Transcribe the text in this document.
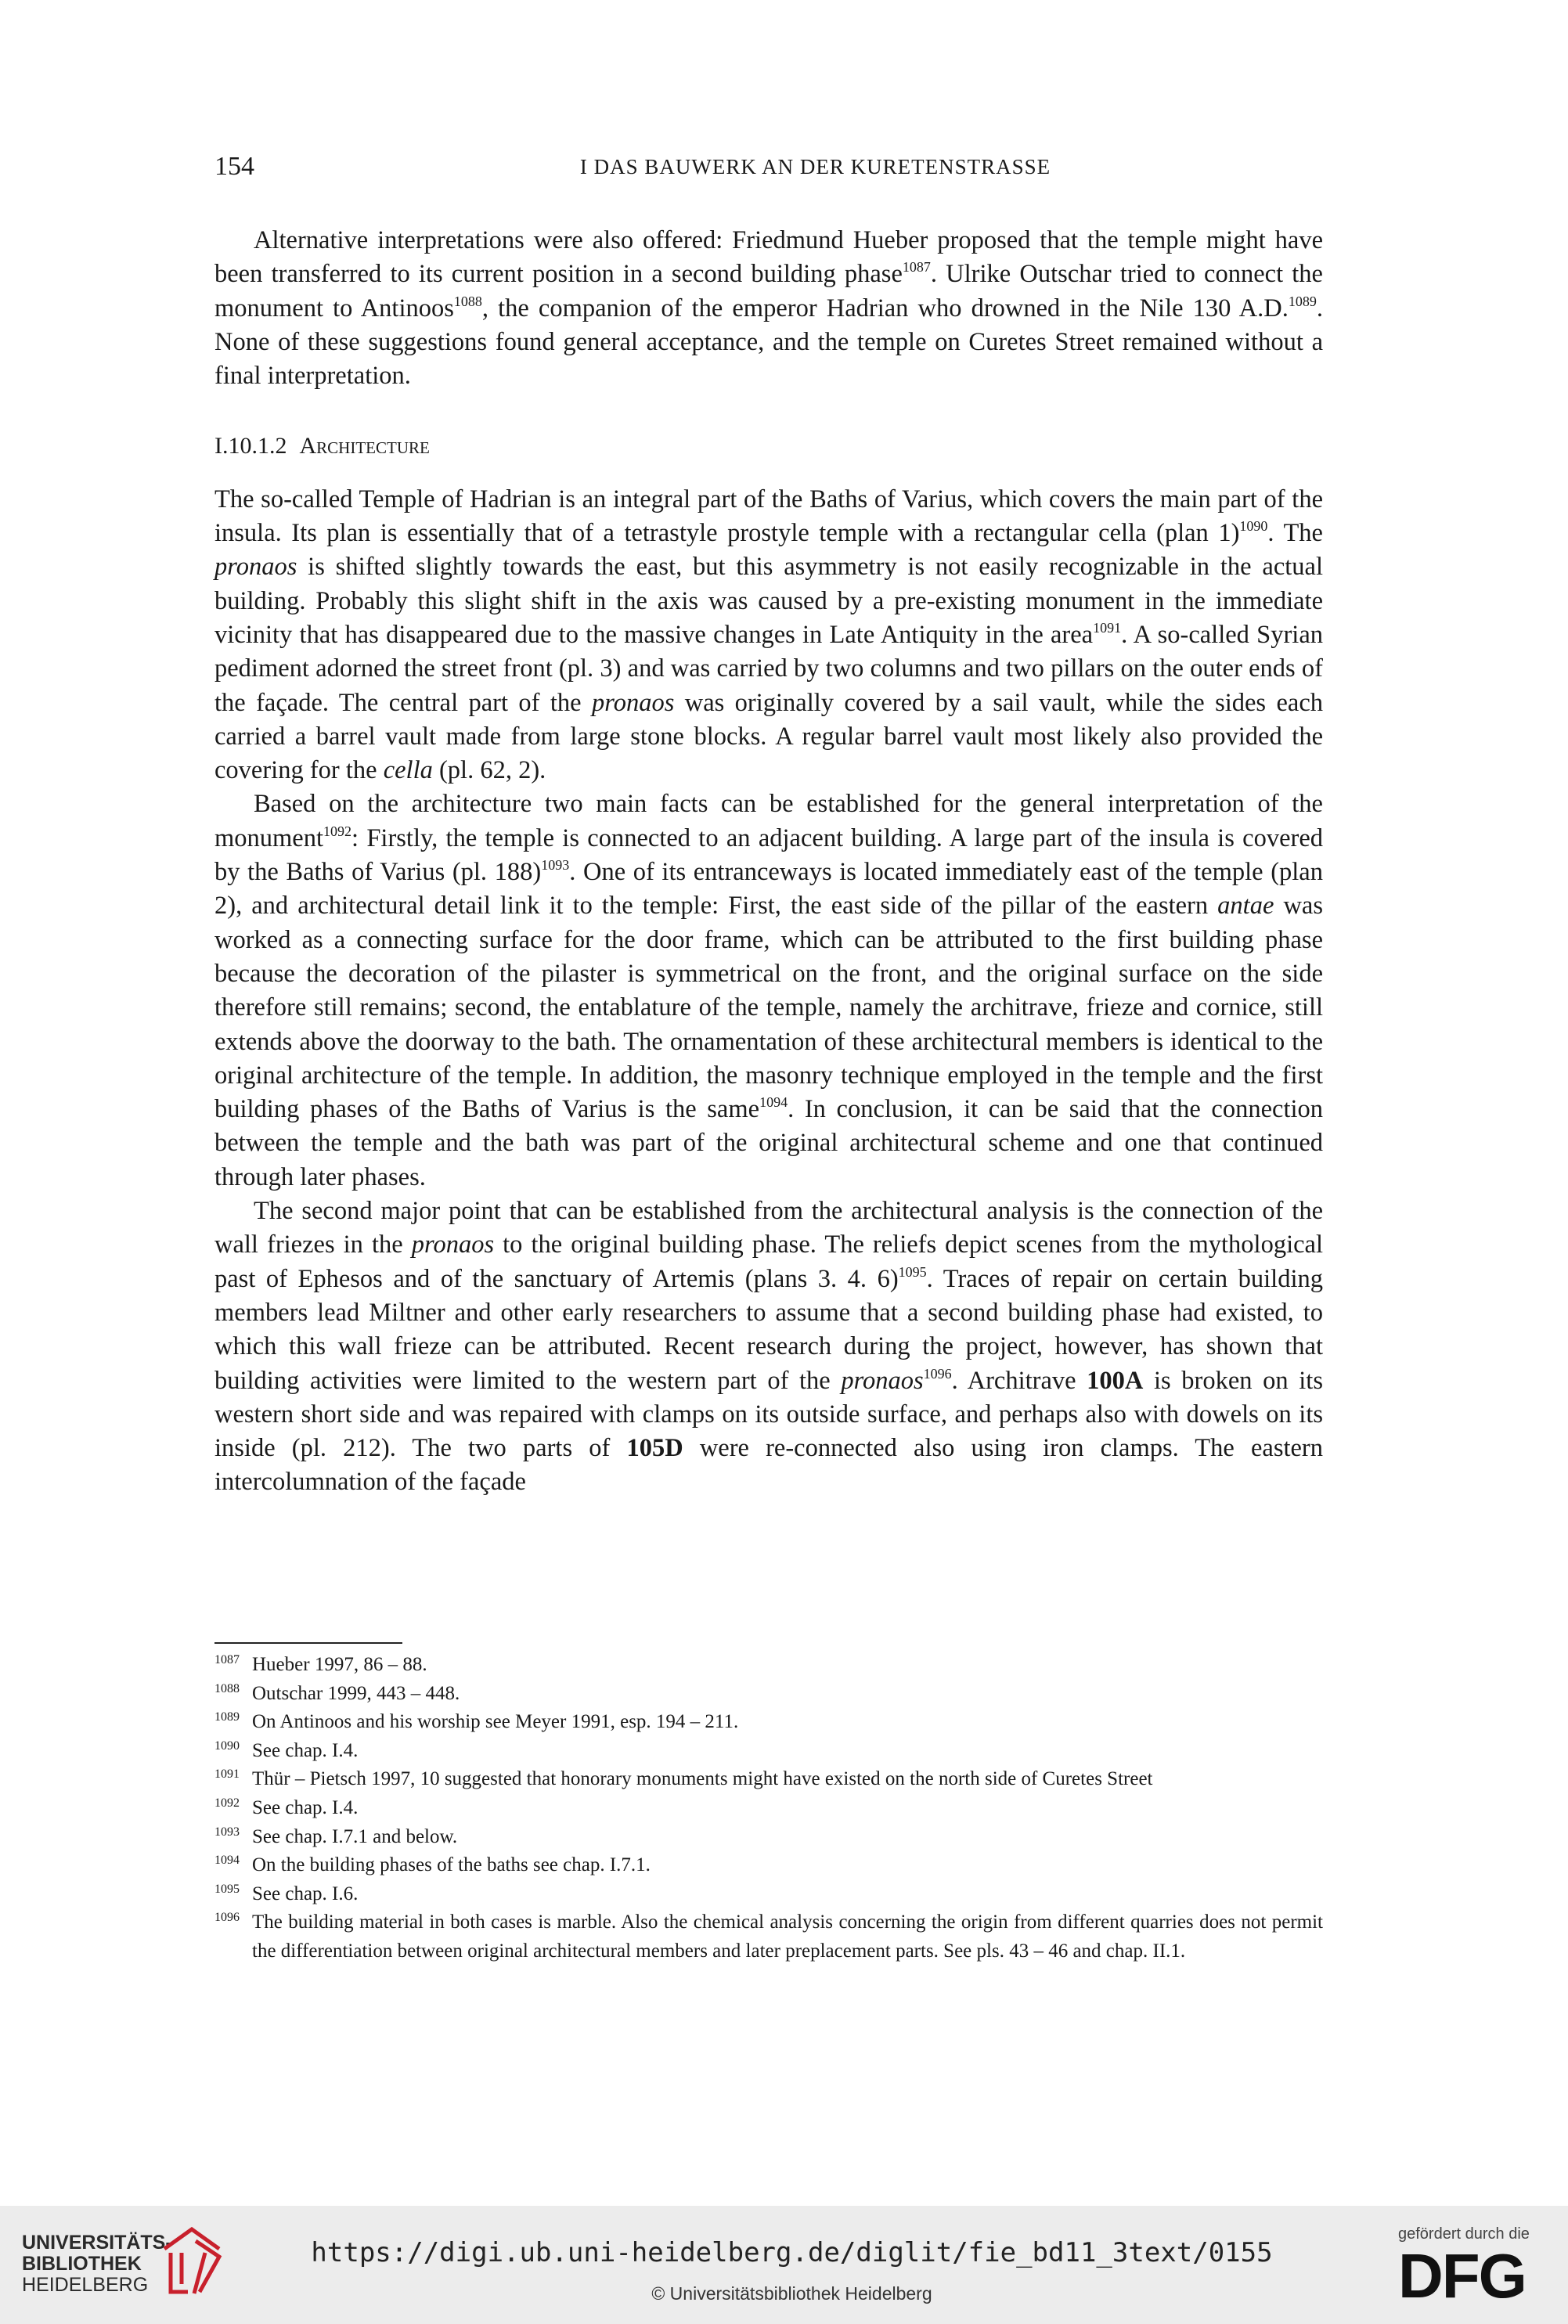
154	I DAS BAUWERK AN DER KURETENSTRASSE

Alternative interpretations were also offered: Friedmund Hueber proposed that the temple might have been transferred to its current position in a second building phase$^{1087}$. Ulrike Outschar tried to connect the monument to Antinoos$^{1088}$, the companion of the emperor Hadrian who drowned in the Nile 130 A.D.$^{1089}$. None of these suggestions found general acceptance, and the temple on Curetes Street remained without a final interpretation.

I.10.1.2 Architecture

The so-called Temple of Hadrian is an integral part of the Baths of Varius, which covers the main part of the insula. Its plan is essentially that of a tetrastyle prostyle temple with a rectangular cella (plan 1)$^{1090}$. The pronaos is shifted slightly towards the east, but this asymmetry is not easily recognizable in the actual building. Probably this slight shift in the axis was caused by a pre-existing monument in the immediate vicinity that has disappeared due to the massive changes in Late Antiquity in the area$^{1091}$. A so-called Syrian pediment adorned the street front (pl. 3) and was carried by two columns and two pillars on the outer ends of the façade. The central part of the pronaos was originally covered by a sail vault, while the sides each carried a barrel vault made from large stone blocks. A regular barrel vault most likely also provided the covering for the cella (pl. 62, 2).

Based on the architecture two main facts can be established for the general interpretation of the monument$^{1092}$: Firstly, the temple is connected to an adjacent building. A large part of the insula is covered by the Baths of Varius (pl. 188)$^{1093}$. One of its entranceways is located immediately east of the temple (plan 2), and architectural detail link it to the temple: First, the east side of the pillar of the eastern antae was worked as a connecting surface for the door frame, which can be attributed to the first building phase because the decoration of the pilaster is symmetrical on the front, and the original surface on the side therefore still remains; second, the entablature of the temple, namely the architrave, frieze and cornice, still extends above the doorway to the bath. The ornamentation of these architectural members is identical to the original architecture of the temple. In addition, the masonry technique employed in the temple and the first building phases of the Baths of Varius is the same$^{1094}$. In conclusion, it can be said that the connection between the temple and the bath was part of the original architectural scheme and one that continued through later phases.

The second major point that can be established from the architectural analysis is the connection of the wall friezes in the pronaos to the original building phase. The reliefs depict scenes from the mythological past of Ephesos and of the sanctuary of Artemis (plans 3. 4. 6)$^{1095}$. Traces of repair on certain building members lead Miltner and other early researchers to assume that a second building phase had existed, to which this wall frieze can be attributed. Recent research during the project, however, has shown that building activities were limited to the western part of the pronaos$^{1096}$. Architrave 100A is broken on its western short side and was repaired with clamps on its outside surface, and perhaps also with dowels on its inside (pl. 212). The two parts of 105D were re-connected also using iron clamps. The eastern intercolumnation of the façade

1087 Hueber 1997, 86 – 88.
1088 Outschar 1999, 443 – 448.
1089 On Antinoos and his worship see Meyer 1991, esp. 194 – 211.
1090 See chap. I.4.
1091 Thür – Pietsch 1997, 10 suggested that honorary monuments might have existed on the north side of Curetes Street
1092 See chap. I.4.
1093 See chap. I.7.1 and below.
1094 On the building phases of the baths see chap. I.7.1.
1095 See chap. I.6.
1096 The building material in both cases is marble. Also the chemical analysis concerning the origin from different quarries does not permit the differentiation between original architectural members and later preplacement parts. See pls. 43 – 46 and chap. II.1.
UNIVERSITÄTS-
BIBLIOTHEK
HEIDELBERG
https://digi.ub.uni-heidelberg.de/diglit/fie_bd11_3text/0155
© Universitätsbibliothek Heidelberg
gefördert durch die
DFG
